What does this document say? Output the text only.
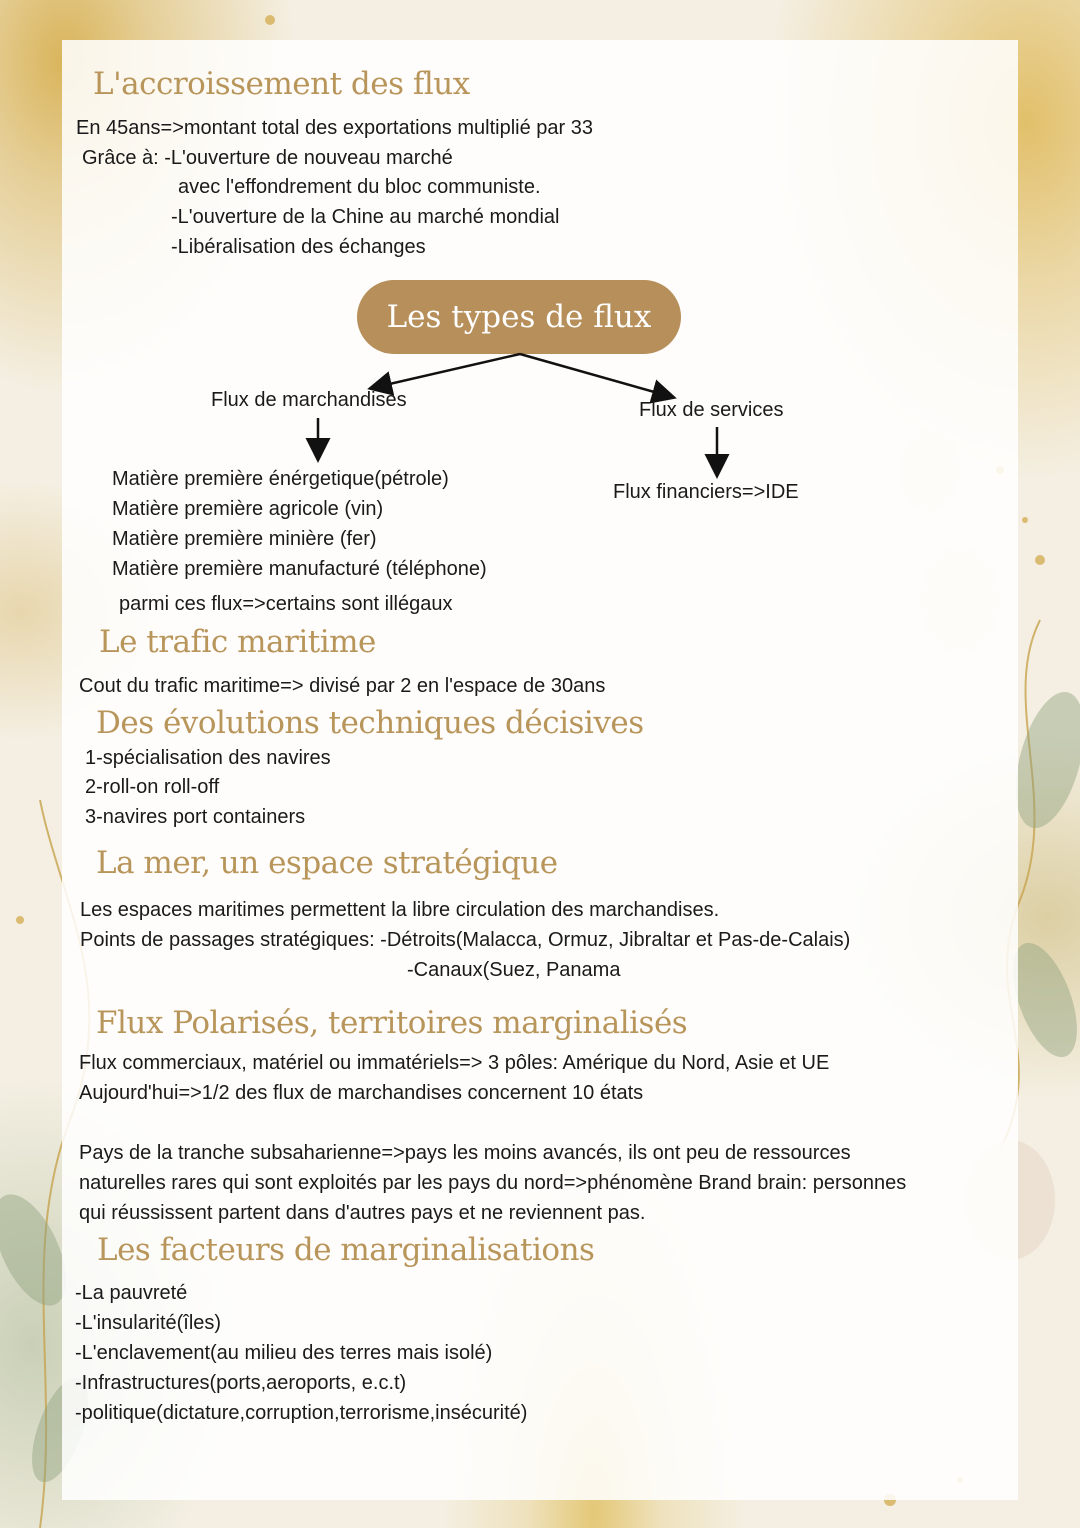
L'accroissement des flux
En 45ans=>montant total des exportations multiplié par 33
Grâce à: -L'ouverture de nouveau marché
avec l'effondrement du bloc communiste.
-L'ouverture de la Chine au marché mondial
-Libéralisation des échanges
Les types de flux
Flux de marchandises	Flux de services
Matière première énérgetique(pétrole)
Matière première agricole (vin)
Matière première minière (fer)
Matière première manufacturé (téléphone)
Flux financiers=>IDE
parmi ces flux=>certains sont illégaux
Le trafic maritime
Cout du trafic maritime=> divisé par 2 en l'espace de 30ans
Des évolutions techniques décisives
1-spécialisation des navires
2-roll-on roll-off
3-navires port containers
La mer, un espace stratégique
Les espaces maritimes permettent la libre circulation des marchandises.
Points de passages stratégiques: -Détroits(Malacca, Ormuz, Jibraltar et Pas-de-Calais)
-Canaux(Suez, Panama
Flux Polarisés, territoires marginalisés
Flux commerciaux, matériel ou immatériels=> 3 pôles: Amérique du Nord, Asie et UE
Aujourd'hui=>1/2 des flux de marchandises concernent 10 états
Pays de la tranche subsaharienne=>pays les moins avancés, ils ont peu de ressources
naturelles rares qui sont exploités par les pays du nord=>phénomène Brand brain: personnes
qui réussissent partent dans d'autres pays et ne reviennent pas.
Les facteurs de marginalisations
-La pauvreté
-L'insularité(îles)
-L'enclavement(au milieu des terres mais isolé)
-Infrastructures(ports,aeroports, e.c.t)
-politique(dictature,corruption,terrorisme,insécurité)
